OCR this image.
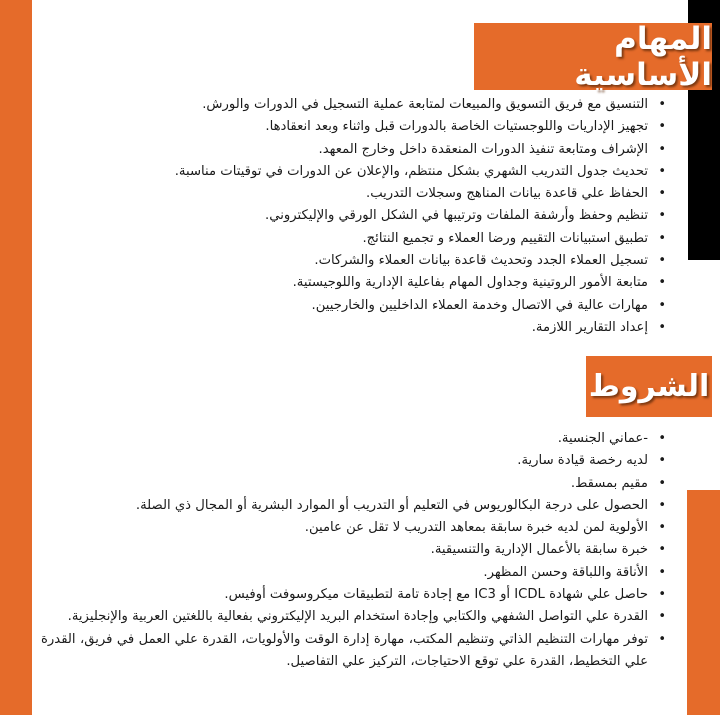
المهام الأساسية
•
التنسيق مع فريق التسويق والمبيعات لمتابعة عملية التسجيل في الدورات والورش.
•
تجهيز الإداريات واللوجستيات الخاصة بالدورات قبل واثناء وبعد انعقادها.
•
الإشراف ومتابعة تنفيذ الدورات المنعقدة داخل وخارج المعهد.
•
تحديث جدول التدريب الشهري بشكل منتظم، والإعلان عن الدورات في توقيتات مناسبة.
•
الحفاظ علي قاعدة بيانات المناهج وسجلات التدريب.
•
تنظيم وحفظ وأرشفة الملفات وترتيبها في الشكل الورقي والإليكتروني.
•
تطبيق استبيانات التقييم ورضا العملاء و تجميع النتائج.
•
تسجيل العملاء الجدد وتحديث قاعدة بيانات العملاء والشركات.
•
متابعة الأمور الروتينية وجداول المهام بفاعلية الإدارية واللوجيستية.
•
مهارات عالية في الاتصال وخدمة العملاء الداخليين والخارجيين.
•
إعداد التقارير اللازمة.
الشروط
•
-عماني الجنسية.
•
لديه رخصة قيادة سارية.
•
مقيم بمسقط.
•
الحصول على درجة البكالوريوس في التعليم أو التدريب أو الموارد البشرية أو المجال ذي الصلة.
•
الأولوية لمن لديه خبرة سابقة بمعاهد التدريب لا تقل عن عامين.
•
خبرة سابقة بالأعمال الإدارية والتنسيقية.
•
الأناقة واللباقة وحسن المظهر.
•
حاصل علي شهادة ICDL أو IC3 مع إجادة تامة لتطبيقات ميكروسوفت أوفيس.
•
القدرة علي التواصل الشفهي والكتابي وإجادة استخدام البريد الإليكتروني بفعالية باللغتين العربية والإنجليزية.
•
توفر مهارات التنظيم الذاتي وتنظيم المكتب، مهارة إدارة الوقت والأولويات، القدرة علي العمل في فريق، القدرة علي التخطيط، القدرة علي توقع الاحتياجات، التركيز علي التفاصيل.
